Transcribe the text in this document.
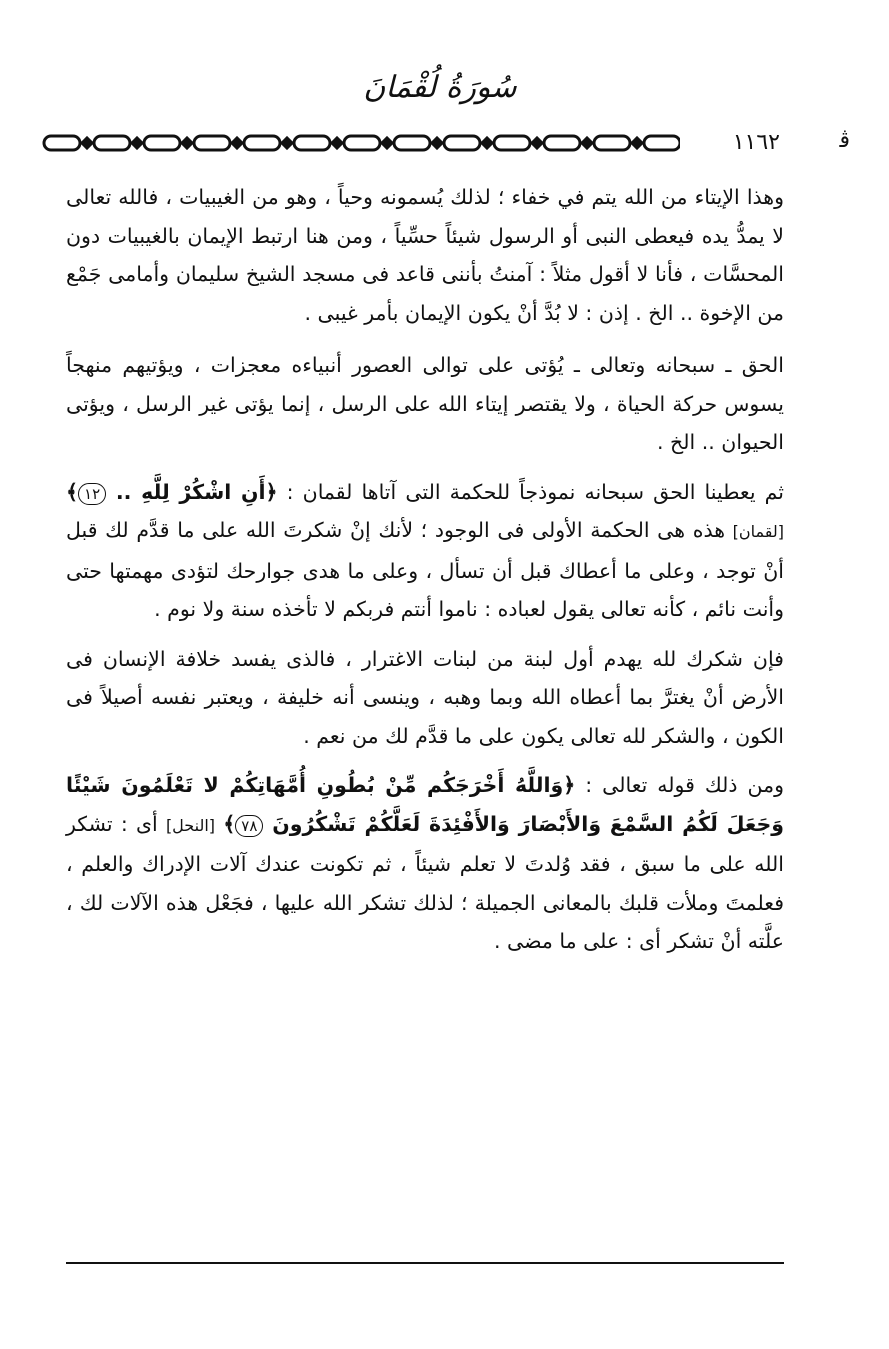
سُورَةُ لُقْمَانَ
١١٦٢	ﭬ

وهذا الإيتاء من الله يتم في خفاء ؛ لذلك يُسمونه وحياً ، وهو من الغيبيات ، فالله تعالى لا يمدُّ يده فيعطى النبى أو الرسول شيئاً حسِّياً ، ومن هنا ارتبط الإيمان بالغيبيات دون المحسَّات ، فأنا لا أقول مثلاً : آمنتُ بأننى قاعد فى مسجد الشيخ سليمان وأمامى جَمْع من الإخوة .. الخ . إذن : لا بُدَّ أنْ يكون الإيمان بأمر غيبى .

الحق ـ سبحانه وتعالى ـ يُؤتى على توالى العصور أنبياءه معجزات ، ويؤتيهم منهجاً يسوس حركة الحياة ، ولا يقتصر إيتاء الله على الرسل ، إنما يؤتى غير الرسل ، ويؤتى الحيوان .. الخ .

ثم يعطينا الحق سبحانه نموذجاً للحكمة التى آتاها لقمان : ﴿أَنِ اشْكُرْ لِلَّهِ .. ١٢﴾ [لقمان] هذه هى الحكمة الأولى فى الوجود ؛ لأنك إنْ شكرتَ الله على ما قدَّم لك قبل أنْ توجد ، وعلى ما أعطاك قبل أن تسأل ، وعلى ما هدى جوارحك لتؤدى مهمتها حتى وأنت نائم ، كأنه تعالى يقول لعباده : ناموا أنتم فربكم لا تأخذه سنة ولا نوم .

فإن شكرك لله يهدم أول لبنة من لبنات الاغترار ، فالذى يفسد خلافة الإنسان فى الأرض أنْ يغترَّ بما أعطاه الله وبما وهبه ، وينسى أنه خليفة ، ويعتبر نفسه أصيلاً فى الكون ، والشكر لله تعالى يكون على ما قدَّم لك من نعم .

ومن ذلك قوله تعالى : ﴿وَاللَّهُ أَخْرَجَكُم مِّنْ بُطُونِ أُمَّهَاتِكُمْ لا تَعْلَمُونَ شَيْئًا وَجَعَلَ لَكُمُ السَّمْعَ وَالأَبْصَارَ وَالأَفْئِدَةَ لَعَلَّكُمْ تَشْكُرُونَ ٧٨﴾ [النحل] أى : تشكر الله على ما سبق ، فقد وُلدتَ لا تعلم شيئاً ، ثم تكونت عندك آلات الإدراك والعلم ، فعلمتَ وملأت قلبك بالمعانى الجميلة ؛ لذلك تشكر الله عليها ، فجَعْل هذه الآلات لك ، علَّته أنْ تشكر أى : على ما مضى .
